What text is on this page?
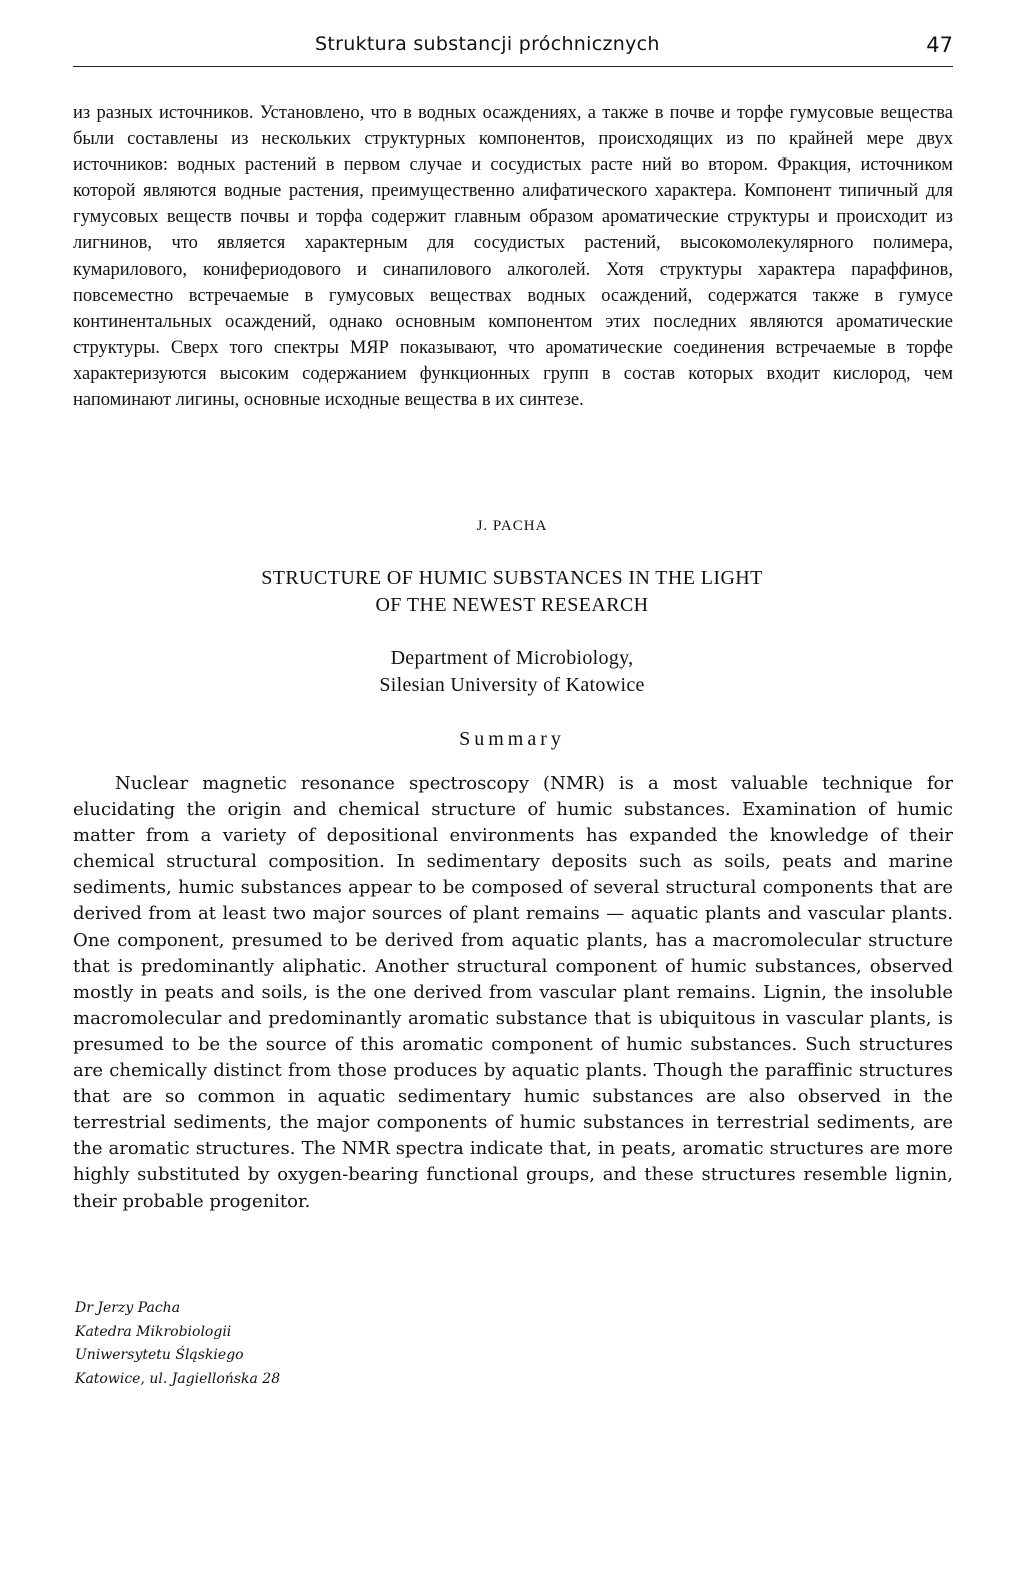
Struktura substancji próchnicznych	47

из разных источников. Установлено, что в водных осаждениях, а также в почве и торфе гумусовые вещества были составлены из нескольких структурных компонентов, происходящих из по крайней мере двух источников: водных растений в первом случае и сосудистых расте ний во втором. Фракция, источником которой являются водные растения, преимущественно алифатического характера. Компонент типичный для гумусовых веществ почвы и торфа содержит главным образом ароматические структуры и происходит из лигнинов, что является характерным для сосудистых растений, высокомолекулярного полимера, кумарилового, конифериодового и синапилового алкоголей. Хотя структуры характера параффинов, повсеместно встречаемые в гумусовых веществах водных осаждений, содержатся также в гумусе континентальных осаждений, однако основным компонентом этих последних являются ароматические структуры. Сверх того спектры МЯР показывают, что ароматические соединения встречаемые в торфе характеризуются высоким содержанием функционных групп в состав которых входит кислород, чем напоминают лигины, основные исходные вещества в их синтезе.

J. PACHA
STRUCTURE OF HUMIC SUBSTANCES IN THE LIGHT
OF THE NEWEST RESEARCH
Department of Microbiology,
Silesian University of Katowice
Summary

Nuclear magnetic resonance spectroscopy (NMR) is a most valuable technique for elucidating the origin and chemical structure of humic substances. Examination of humic matter from a variety of depositional environments has expanded the knowledge of their chemical structural composition. In sedimentary deposits such as soils, peats and marine sediments, humic substances appear to be composed of several structural components that are derived from at least two major sources of plant remains — aquatic plants and vascular plants. One component, presumed to be derived from aquatic plants, has a macromolecular structure that is predominantly aliphatic. Another structural component of humic substances, observed mostly in peats and soils, is the one derived from vascular plant remains. Lignin, the insoluble macromolecular and predominantly aromatic substance that is ubiquitous in vascular plants, is presumed to be the source of this aromatic component of humic substances. Such structures are chemically distinct from those produces by aquatic plants. Though the paraffinic structures that are so common in aquatic sedimentary humic substances are also observed in the terrestrial sediments, the major components of humic substances in terrestrial sediments, are the aromatic structures. The NMR spectra indicate that, in peats, aromatic structures are more highly substituted by oxygen-bearing functional groups, and these structures resemble lignin, their probable progenitor.

Dr Jerzy Pacha
Katedra Mikrobiologii
Uniwersytetu Śląskiego
Katowice, ul. Jagiellońska 28
